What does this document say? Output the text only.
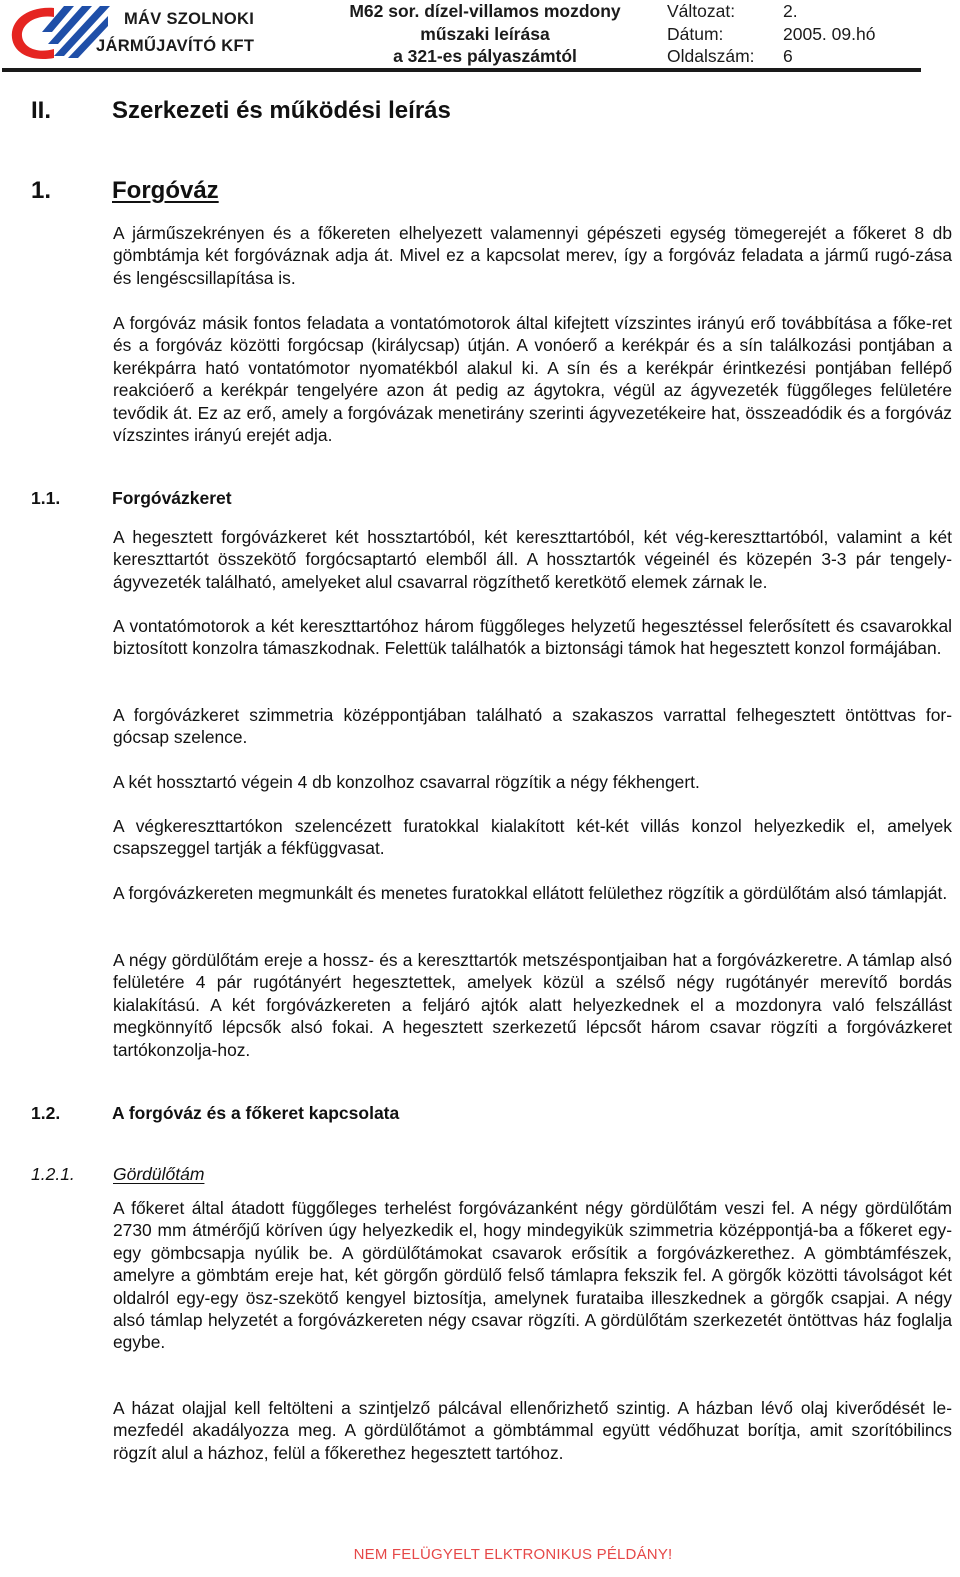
MÁV SZOLNOKI
JÁRMŰJAVÍTÓ KFT
M62 sor. dízel-villamos mozdony
műszaki leírása
a 321-es pályaszámtól
Változat:	2.
Dátum:	2005. 09.hó
Oldalszám:	6
II.	Szerkezeti és működési leírás
1.	Forgóváz
A járműszekrényen és a főkereten elhelyezett valamennyi gépészeti egység tömegerejét a főkeret 8 db gömbtámja két forgóváznak adja át. Mivel ez a kapcsolat merev, így a forgóváz feladata a jármű rugó-zása és lengéscsillapítása is.
A forgóváz másik fontos feladata a vontatómotorok által kifejtett vízszintes irányú erő továbbítása a főke-ret és a forgóváz közötti forgócsap (királycsap) útján. A vonóerő a kerékpár és a sín találkozási pontjában a kerékpárra ható vontatómotor nyomatékból alakul ki. A sín és a kerékpár érintkezési pontjában fellépő reakcióerő a kerékpár tengelyére azon át pedig az ágytokra, végül az ágyvezeték függőleges felületére tevődik át. Ez az erő, amely a forgóvázak menetirány szerinti ágyvezetékeire hat, összeadódik és a forgóváz vízszintes irányú erejét adja.
1.1.	Forgóvázkeret
A hegesztett forgóvázkeret két hossztartóból, két kereszttartóból, két vég-kereszttartóból, valamint a két kereszttartót összekötő forgócsaptartó elemből áll. A hossztartók végeinél és közepén 3-3 pár tengely-ágyvezeték található, amelyeket alul csavarral rögzíthető keretkötő elemek zárnak le.
A vontatómotorok a két kereszttartóhoz három függőleges helyzetű hegesztéssel felerősített és csavarokkal biztosított konzolra támaszkodnak. Felettük találhatók a biztonsági támok hat hegesztett konzol formájában.
A forgóvázkeret szimmetria középpontjában található a szakaszos varrattal felhegesztett öntöttvas for-gócsap szelence.
A két hossztartó végein 4 db konzolhoz csavarral rögzítik a négy fékhengert.
A végkereszttartókon szelencézett furatokkal kialakított két-két villás konzol helyezkedik el, amelyek csapszeggel tartják a fékfüggvasat.
A forgóvázkereten megmunkált és menetes furatokkal ellátott felülethez rögzítik a gördülőtám alsó támlapját.
A négy gördülőtám ereje a hossz- és a kereszttartók metszéspontjaiban hat a forgóvázkeretre. A támlap alsó felületére 4 pár rugótányért hegesztettek, amelyek közül a szélső négy rugótányér merevítő bordás kialakítású. A két forgóvázkereten a feljáró ajtók alatt helyezkednek el a mozdonyra való felszállást megkönnyítő lépcsők alsó fokai. A hegesztett szerkezetű lépcsőt három csavar rögzíti a forgóvázkeret tartókonzolja-hoz.
1.2.	A forgóváz és a főkeret kapcsolata
1.2.1. Gördülőtám
A főkeret által átadott függőleges terhelést forgóvázanként négy gördülőtám veszi fel. A négy gördülőtám 2730 mm átmérőjű köríven úgy helyezkedik el, hogy mindegyikük szimmetria középpontjá-ba a főkeret egy-egy gömbcsapja nyúlik be. A gördülőtámokat csavarok erősítik a forgóvázkerethez. A gömbtámfészek, amelyre a gömbtám ereje hat, két görgőn gördülő felső támlapra fekszik fel. A görgők közötti távolságot két oldalról egy-egy ösz-szekötő kengyel biztosítja, amelynek furataiba illeszkednek a görgők csapjai. A négy alsó támlap helyzetét a forgóvázkereten négy csavar rögzíti. A gördülőtám szerkezetét öntöttvas ház foglalja egybe.
A házat olajjal kell feltölteni a szintjelző pálcával ellenőrizhető szintig. A házban lévő olaj kiverődését le-mezfedél akadályozza meg. A gördülőtámot a gömbtámmal együtt védőhuzat borítja, amit szorítóbilincs rögzít alul a házhoz, felül a főkerethez hegesztett tartóhoz.
NEM FELÜGYELT ELKTRONIKUS PÉLDÁNY!
